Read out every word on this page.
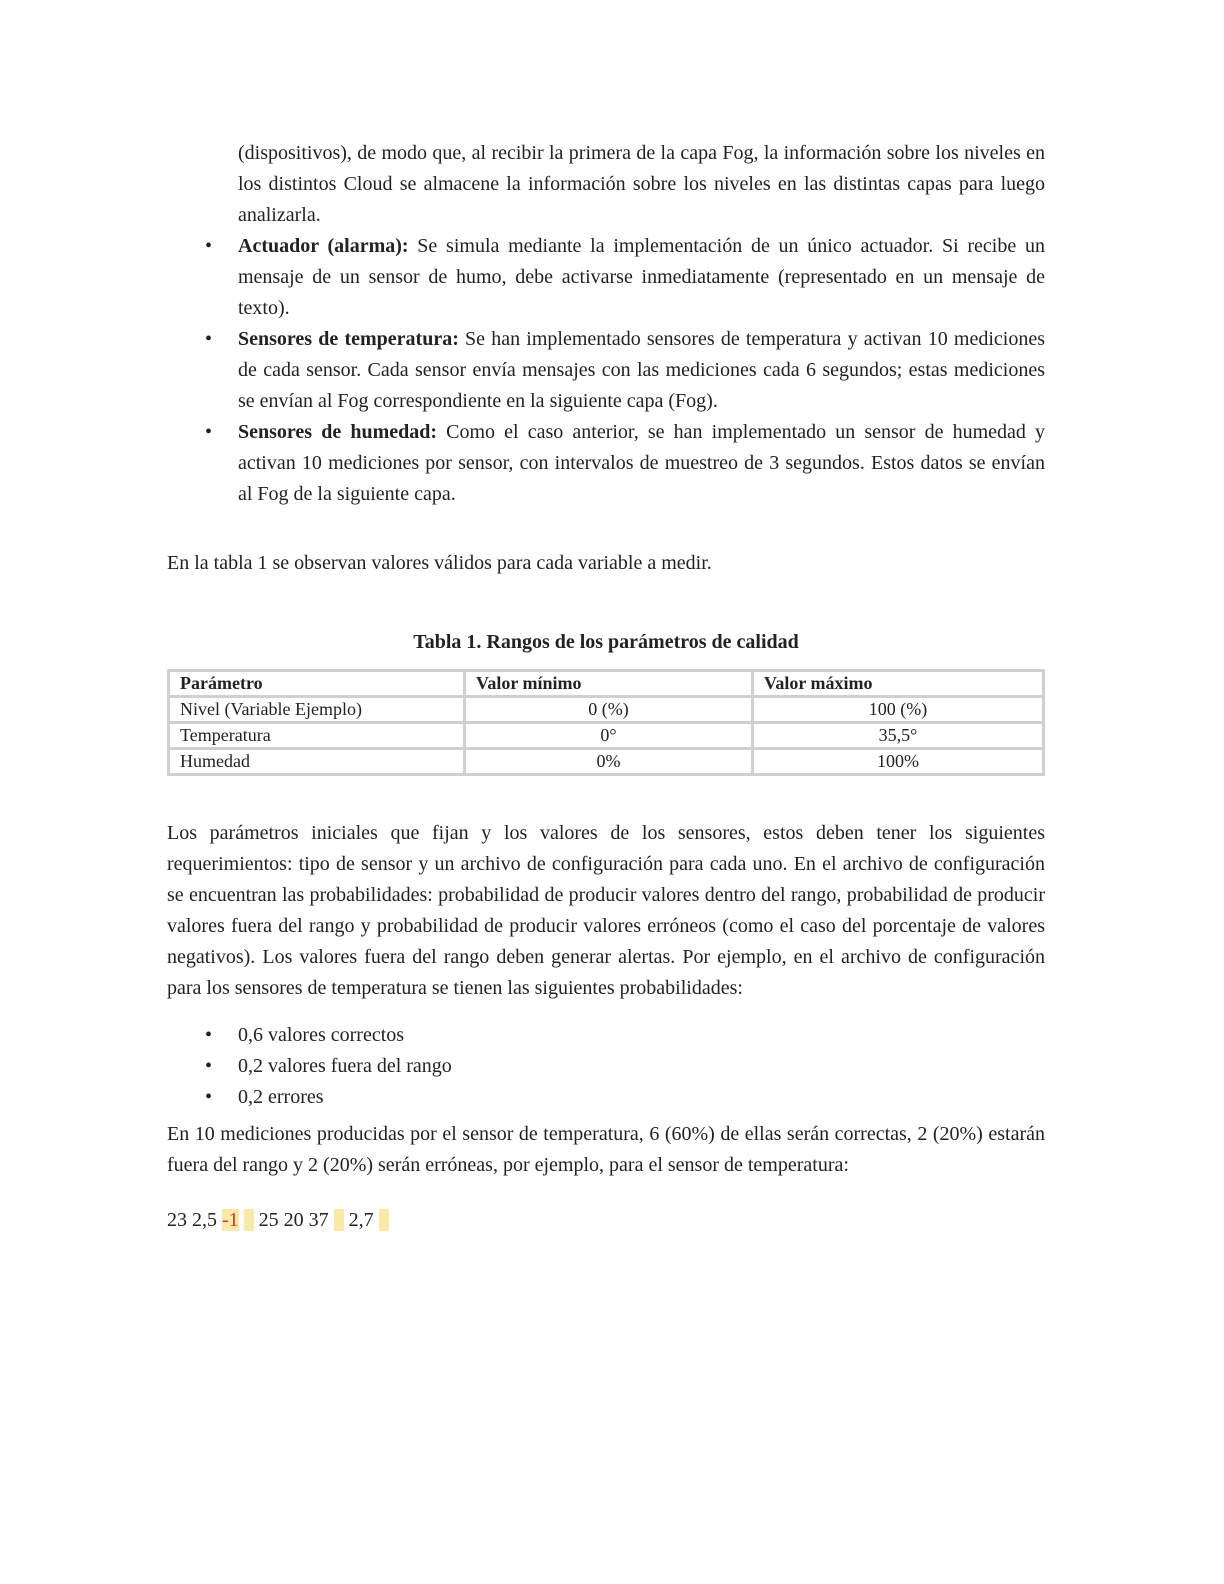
(dispositivos), de modo que, al recibir la primera de la capa Fog, la información sobre los niveles en los distintos Cloud se almacene la información sobre los niveles en las distintas capas para luego analizarla.

• Actuador (alarma): Se simula mediante la implementación de un único actuador. Si recibe un mensaje de un sensor de humo, debe activarse inmediatamente (representado en un mensaje de texto).
• Sensores de temperatura: Se han implementado sensores de temperatura y activan 10 mediciones de cada sensor. Cada sensor envía mensajes con las mediciones cada 6 segundos; estas mediciones se envían al Fog correspondiente en la siguiente capa (Fog).
• Sensores de humedad: Como el caso anterior, se han implementado un sensor de humedad y activan 10 mediciones por sensor, con intervalos de muestreo de 3 segundos. Estos datos se envían al Fog de la siguiente capa.

En la tabla 1 se observan valores válidos para cada variable a medir.

Tabla 1. Rangos de los parámetros de calidad
Parámetro	Valor mínimo	Valor máximo
Nivel (Variable Ejemplo)	0 (%)	100 (%)
Temperatura	0°	35,5°
Humedad	0%	100%

Los parámetros iniciales que fijan y los valores de los sensores, estos deben tener los siguientes requerimientos: tipo de sensor y un archivo de configuración para cada uno. En el archivo de configuración se encuentran las probabilidades: probabilidad de producir valores dentro del rango, probabilidad de producir valores fuera del rango y probabilidad de producir valores erróneos (como el caso del porcentaje de valores negativos). Los valores fuera del rango deben generar alertas. Por ejemplo, en el archivo de configuración para los sensores de temperatura se tienen las siguientes probabilidades:

• 0,6 valores correctos
• 0,2 valores fuera del rango
• 0,2 errores

En 10 mediciones producidas por el sensor de temperatura, 6 (60%) de ellas serán correctas, 2 (20%) estarán fuera del rango y 2 (20%) serán erróneas, por ejemplo, para el sensor de temperatura:

23 2,5 -1 25 20 37 2,7
